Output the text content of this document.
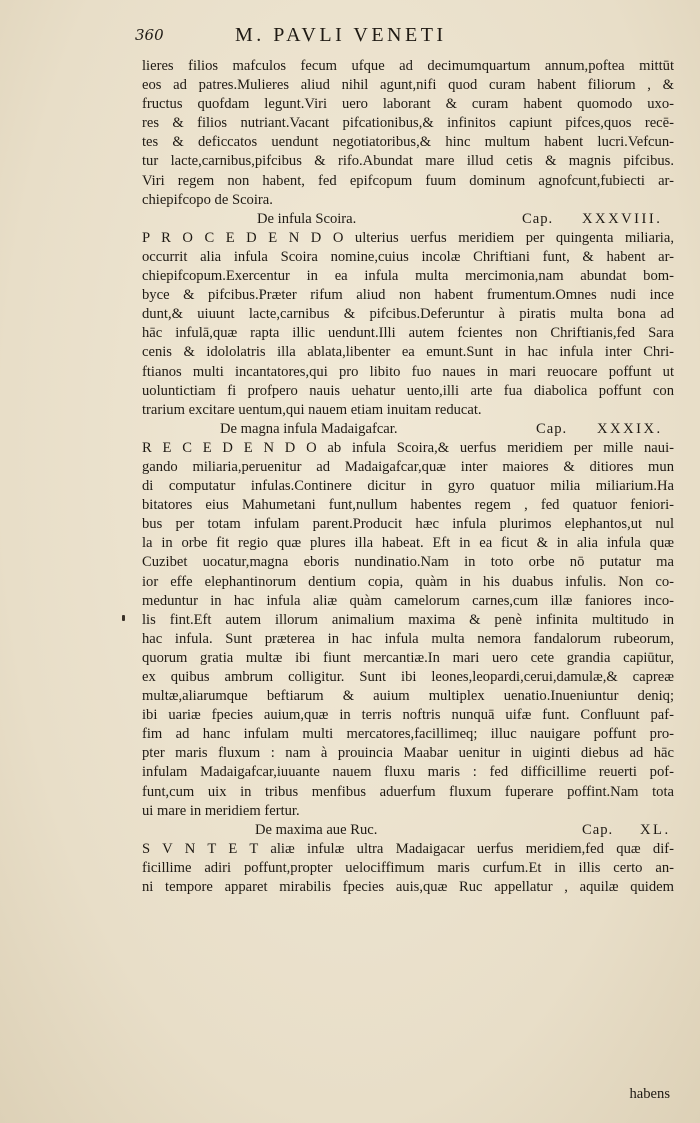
360	M. PAVLI VENETI
lieres filios mafculos fecum ufque ad decimumquartum annum,poftea mittūt
eos ad patres.Mulieres aliud nihil agunt,nifi quod curam habent filiorum , &
fructus quofdam legunt.Viri uero laborant & curam habent quomodo uxo-
res & filios nutriant.Vacant pifcationibus,& infinitos capiunt pifces,quos recē-
tes & deficcatos uendunt negotiatoribus,& hinc multum habent lucri.Vefcun-
tur lacte,carnibus,pifcibus & rifo.Abundat mare illud cetis & magnis pifcibus.
Viri regem non habent, fed epifcopum fuum dominum agnofcunt,fubiecti ar-
chiepifcopo de Scoira.
De infula Scoira.	Cap. XXXVIII.
P R O C E D E N D O ulterius uerfus meridiem per quingenta miliaria,
occurrit alia infula Scoira nomine,cuius incolæ Chriftiani funt, & habent ar-
chiepifcopum.Exercentur in ea infula multa mercimonia,nam abundat bom-
byce & pifcibus.Præter rifum aliud non habent frumentum.Omnes nudi ince
dunt,& uiuunt lacte,carnibus & pifcibus.Deferuntur à piratis multa bona ad
hāc infulā,quæ rapta illic uendunt.Illi autem fcientes non Chriftianis,fed Sara
cenis & idololatris illa ablata,libenter ea emunt.Sunt in hac infula inter Chri-
ftianos multi incantatores,qui pro libito fuo naues in mari reuocare poffunt ut
uoluntictiam fi profpero nauis uehatur uento,illi arte fua diabolica poffunt con
trarium excitare uentum,qui nauem etiam inuitam reducat.
De magna infula Madaigafcar.	Cap. XXXIX.
R E C E D E N D O ab infula Scoira,& uerfus meridiem per mille naui-
gando miliaria,peruenitur ad Madaigafcar,quæ inter maiores & ditiores mun
di computatur infulas.Continere dicitur in gyro quatuor milia miliarium.Ha
bitatores eius Mahumetani funt,nullum habentes regem , fed quatuor feniori-
bus per totam infulam parent.Producit hæc infula plurimos elephantos,ut nul
la in orbe fit regio quæ plures illa habeat. Eft in ea ficut & in alia infula quæ
Cuzibet uocatur,magna eboris nundinatio.Nam in toto orbe nō putatur ma
ior effe elephantinorum dentium copia, quàm in his duabus infulis. Non co-
meduntur in hac infula aliæ quàm camelorum carnes,cum illæ faniores inco-
lis fint.Eft autem illorum animalium maxima & penè infinita multitudo in
hac infula. Sunt præterea in hac infula multa nemora fandalorum rubeorum,
quorum gratia multæ ibi fiunt mercantiæ.In mari uero cete grandia capiūtur,
ex quibus ambrum colligitur. Sunt ibi leones,leopardi,cerui,damulæ,& capreæ
multæ,aliarumque beftiarum & auium multiplex uenatio.Inueniuntur deniq;
ibi uariæ fpecies auium,quæ in terris noftris nunquā uifæ funt. Confluunt paf-
fim ad hanc infulam multi mercatores,facillimeq; illuc nauigare poffunt pro-
pter maris fluxum : nam à prouincia Maabar uenitur in uiginti diebus ad hāc
infulam Madaigafcar,iuuante nauem fluxu maris : fed difficillime reuerti pof-
funt,cum uix in tribus menfibus aduerfum fluxum fuperare poffint.Nam tota
ui mare in meridiem fertur.
De maxima aue Ruc.	Cap. XL.
S V N T E T aliæ infulæ ultra Madaigacar uerfus meridiem,fed quæ dif-
ficillime adiri poffunt,propter uelociffimum maris curfum.Et in illis certo an-
ni tempore apparet mirabilis fpecies auis,quæ Ruc appellatur , aquilæ quidem
habens
